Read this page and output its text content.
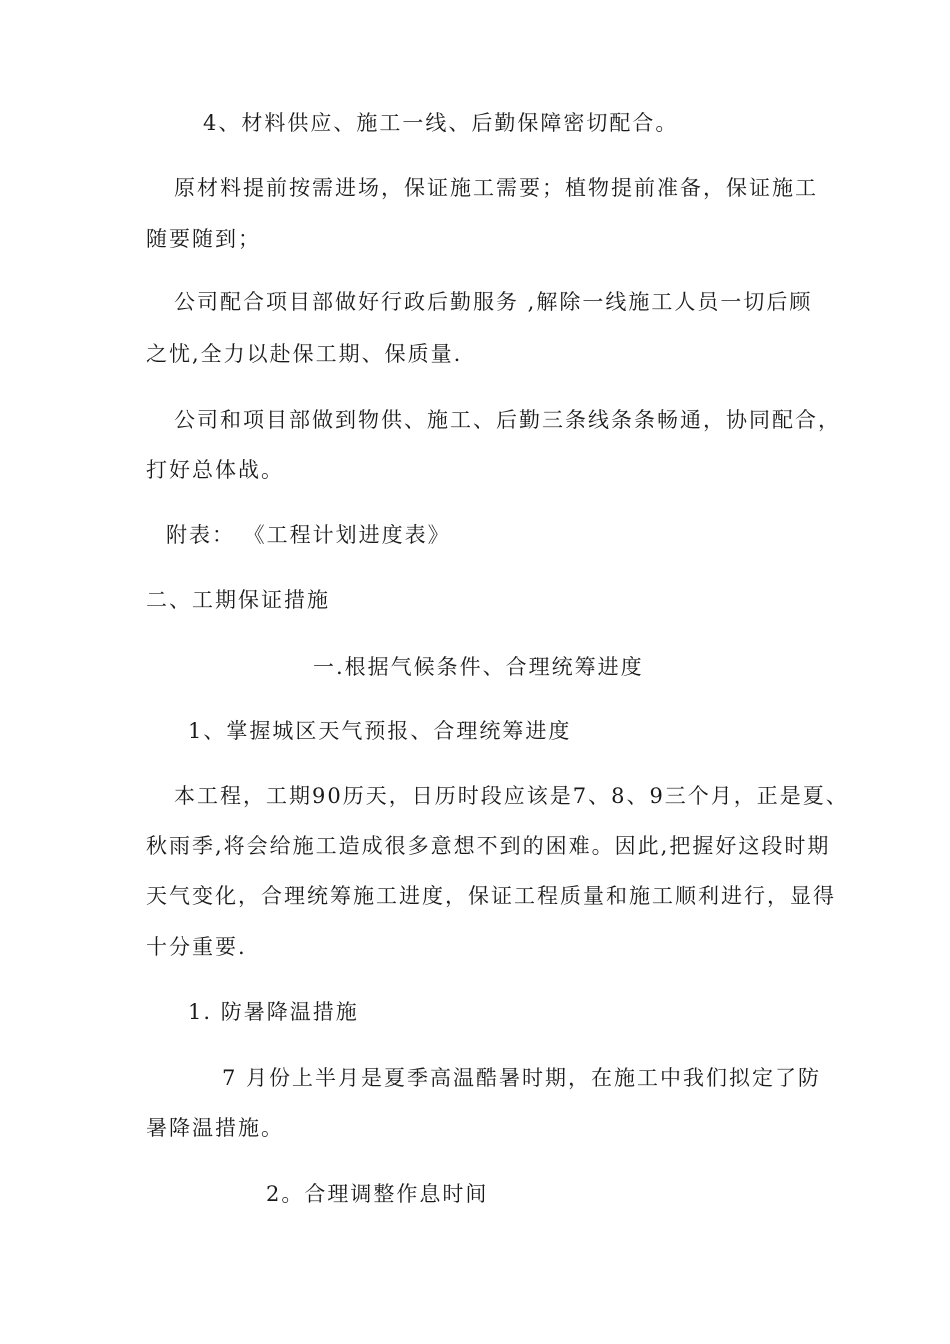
4、材料供应、施工一线、后勤保障密切配合。
原材料提前按需进场，保证施工需要；植物提前准备，保证施工
随要随到；
公司配合项目部做好行政后勤服务 ,解除一线施工人员一切后顾
之忧,全力以赴保工期、保质量.
公司和项目部做到物供、施工、后勤三条线条条畅通，协同配合，
打好总体战。
附表： 《工程计划进度表》
二、工期保证措施
一.根据气候条件、合理统筹进度
1、掌握城区天气预报、合理统筹进度
本工程，工期90历天，日历时段应该是7、8、9三个月，正是夏、
秋雨季,将会给施工造成很多意想不到的困难。因此,把握好这段时期
天气变化，合理统筹施工进度，保证工程质量和施工顺利进行，显得
十分重要.
1. 防暑降温措施
7 月份上半月是夏季高温酷暑时期，在施工中我们拟定了防
暑降温措施。
2。合理调整作息时间
